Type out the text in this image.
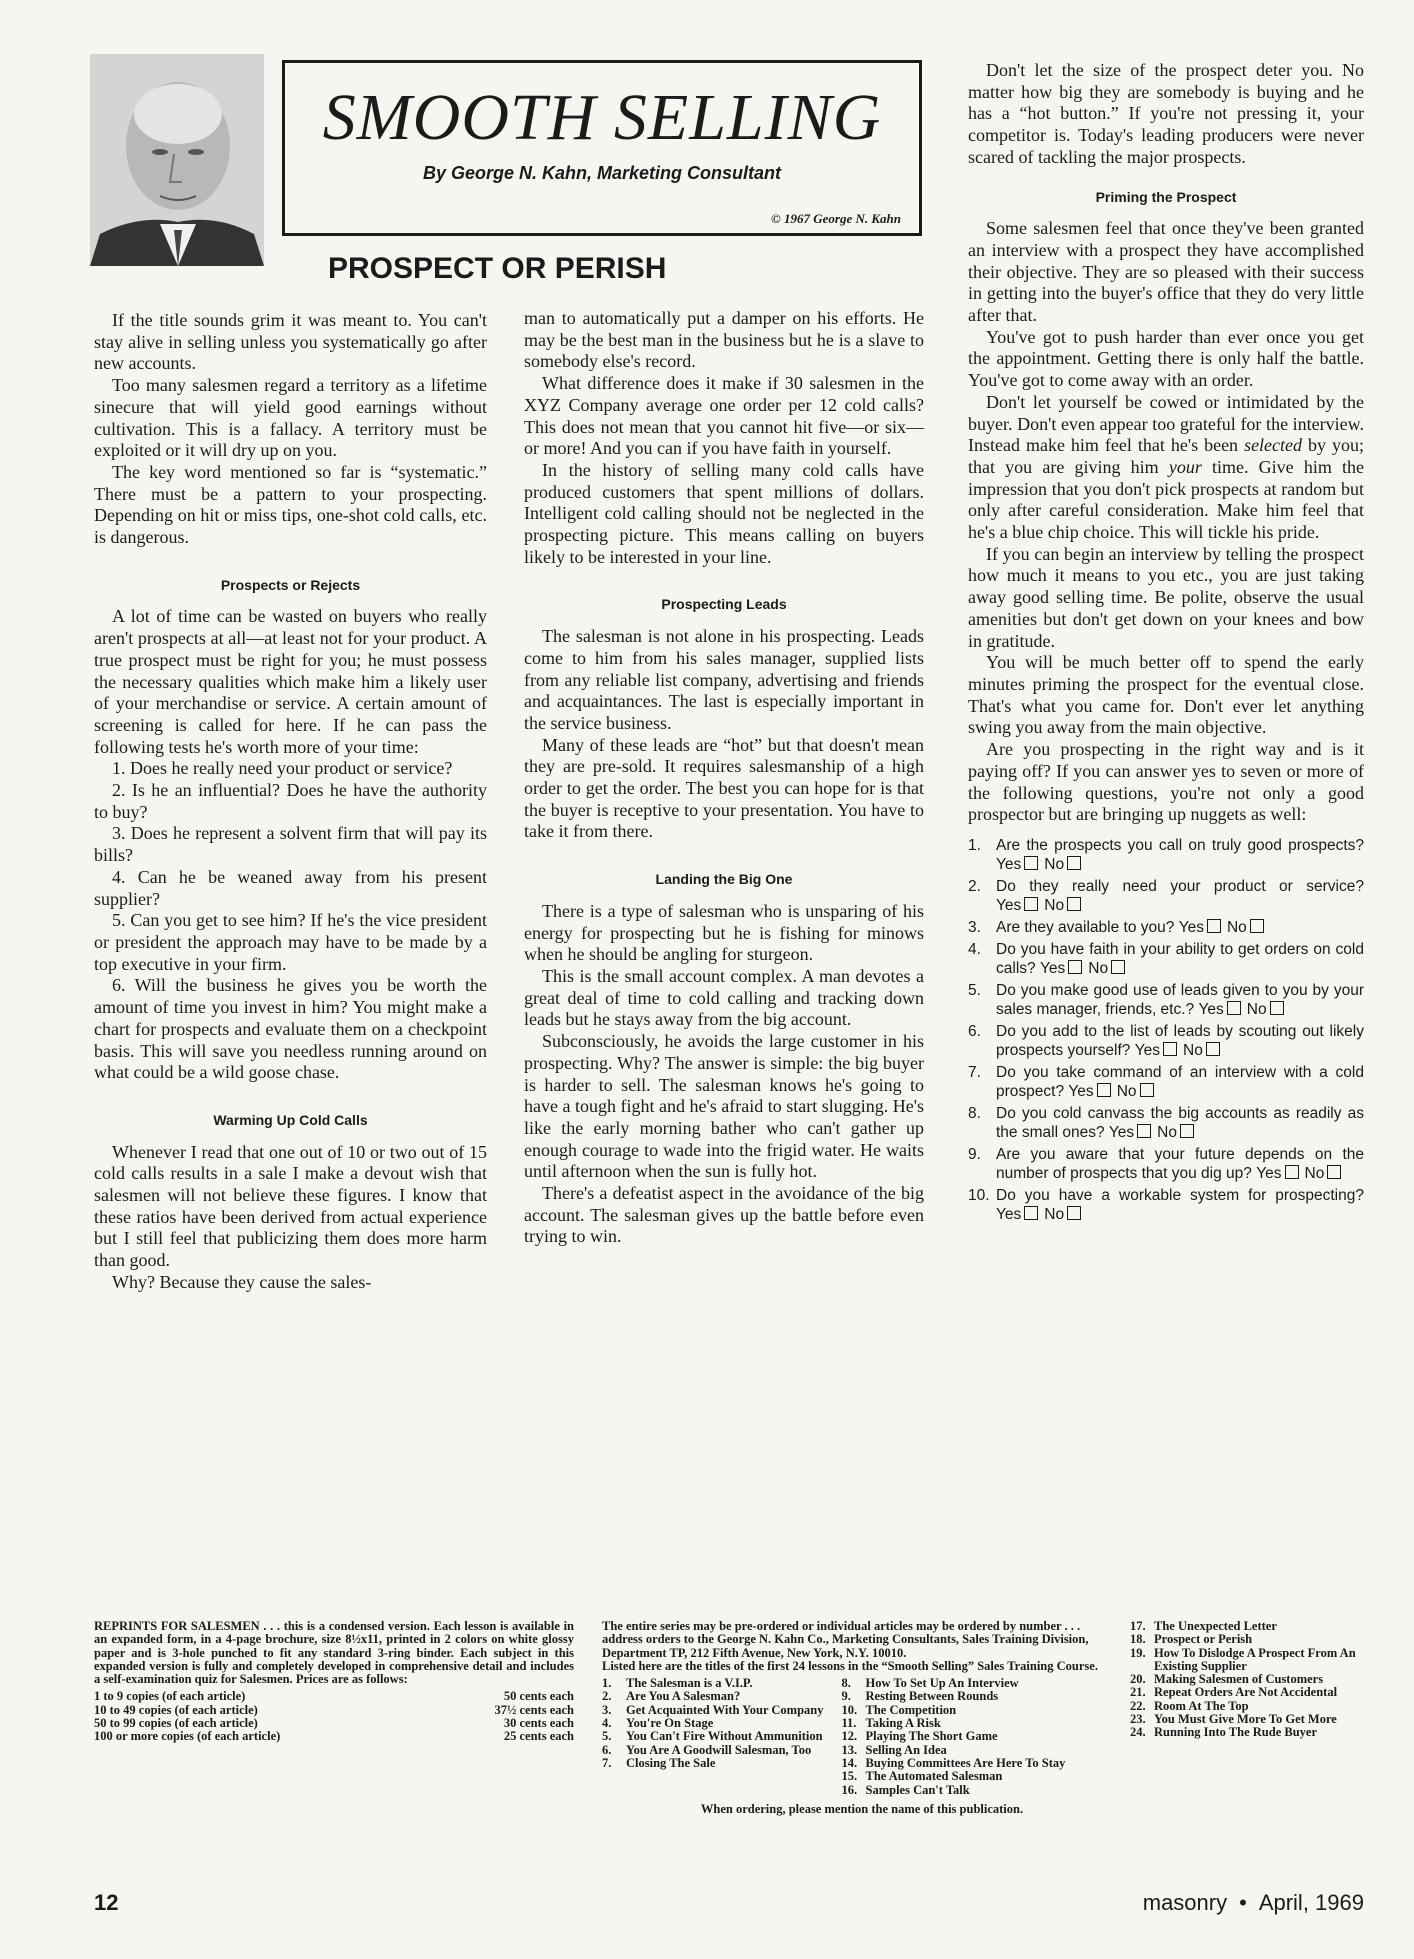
SMOOTH SELLING
By George N. Kahn, Marketing Consultant
© 1967 George N. Kahn
PROSPECT OR PERISH

If the title sounds grim it was meant to. You can't stay alive in selling unless you systematically go after new accounts.

Too many salesmen regard a territory as a lifetime sinecure that will yield good earnings without cultivation. This is a fallacy. A territory must be exploited or it will dry up on you.

The key word mentioned so far is “systematic.” There must be a pattern to your prospecting. Depending on hit or miss tips, one-shot cold calls, etc. is dangerous.

Prospects or Rejects

A lot of time can be wasted on buyers who really aren't prospects at all—at least not for your product. A true prospect must be right for you; he must possess the necessary qualities which make him a likely user of your merchandise or service. A certain amount of screening is called for here. If he can pass the following tests he's worth more of your time:

1. Does he really need your product or service?

2. Is he an influential? Does he have the authority to buy?

3. Does he represent a solvent firm that will pay its bills?

4. Can he be weaned away from his present supplier?

5. Can you get to see him? If he's the vice president or president the approach may have to be made by a top executive in your firm.

6. Will the business he gives you be worth the amount of time you invest in him? You might make a chart for prospects and evaluate them on a checkpoint basis. This will save you needless running around on what could be a wild goose chase.

Warming Up Cold Calls

Whenever I read that one out of 10 or two out of 15 cold calls results in a sale I make a devout wish that salesmen will not believe these figures. I know that these ratios have been derived from actual experience but I still feel that publicizing them does more harm than good.

Why? Because they cause the sales-

man to automatically put a damper on his efforts. He may be the best man in the business but he is a slave to somebody else's record.

What difference does it make if 30 salesmen in the XYZ Company average one order per 12 cold calls? This does not mean that you cannot hit five—or six—or more! And you can if you have faith in yourself.

In the history of selling many cold calls have produced customers that spent millions of dollars. Intelligent cold calling should not be neglected in the prospecting picture. This means calling on buyers likely to be interested in your line.

Prospecting Leads

The salesman is not alone in his prospecting. Leads come to him from his sales manager, supplied lists from any reliable list company, advertising and friends and acquaintances. The last is especially important in the service business.

Many of these leads are “hot” but that doesn't mean they are pre-sold. It requires salesmanship of a high order to get the order. The best you can hope for is that the buyer is receptive to your presentation. You have to take it from there.

Landing the Big One

There is a type of salesman who is unsparing of his energy for prospecting but he is fishing for minows when he should be angling for sturgeon.

This is the small account complex. A man devotes a great deal of time to cold calling and tracking down leads but he stays away from the big account.

Subconsciously, he avoids the large customer in his prospecting. Why? The answer is simple: the big buyer is harder to sell. The salesman knows he's going to have a tough fight and he's afraid to start slugging. He's like the early morning bather who can't gather up enough courage to wade into the frigid water. He waits until afternoon when the sun is fully hot.

There's a defeatist aspect in the avoidance of the big account. The salesman gives up the battle before even trying to win.

Don't let the size of the prospect deter you. No matter how big they are somebody is buying and he has a “hot button.” If you're not pressing it, your competitor is. Today's leading producers were never scared of tackling the major prospects.

Priming the Prospect

Some salesmen feel that once they've been granted an interview with a prospect they have accomplished their objective. They are so pleased with their success in getting into the buyer's office that they do very little after that.

You've got to push harder than ever once you get the appointment. Getting there is only half the battle. You've got to come away with an order.

Don't let yourself be cowed or intimidated by the buyer. Don't even appear too grateful for the interview. Instead make him feel that he's been selected by you; that you are giving him your time. Give him the impression that you don't pick prospects at random but only after careful consideration. Make him feel that he's a blue chip choice. This will tickle his pride.

If you can begin an interview by telling the prospect how much it means to you etc., you are just taking away good selling time. Be polite, observe the usual amenities but don't get down on your knees and bow in gratitude.

You will be much better off to spend the early minutes priming the prospect for the eventual close. That's what you came for. Don't ever let anything swing you away from the main objective.

Are you prospecting in the right way and is it paying off? If you can answer yes to seven or more of the following questions, you're not only a good prospector but are bringing up nuggets as well:

1. Are the prospects you call on truly good prospects? Yes No
2. Do they really need your product or service? Yes No
3. Are they available to you? Yes No
4. Do you have faith in your ability to get orders on cold calls? Yes No
5. Do you make good use of leads given to you by your sales manager, friends, etc.? Yes No
6. Do you add to the list of leads by scouting out likely prospects yourself? Yes No
7. Do you take command of an interview with a cold prospect? Yes No
8. Do you cold canvass the big accounts as readily as the small ones? Yes No
9. Are you aware that your future depends on the number of prospects that you dig up? Yes No
10. Do you have a workable system for prospecting? Yes No
REPRINTS FOR SALESMEN . . . this is a condensed version. Each lesson is available in an expanded form, in a 4-page brochure, size 8½x11, printed in 2 colors on white glossy paper and is 3-hole punched to fit any standard 3-ring binder. Each subject in this expanded version is fully and completely developed in comprehensive detail and includes a self-examination quiz for Salesmen. Prices are as follows:
1 to 9 copies (of each article)	50 cents each
10 to 49 copies (of each article)	37½ cents each
50 to 99 copies (of each article)	30 cents each
100 or more copies (of each article)	25 cents each
The entire series may be pre-ordered or individual articles may be ordered by number . . . address orders to the George N. Kahn Co., Marketing Consultants, Sales Training Division, Department TP, 212 Fifth Avenue, New York, N.Y. 10010.
Listed here are the titles of the first 24 lessons in the “Smooth Selling” Sales Training Course.
1.	The Salesman is a V.I.P.
2.	Are You A Salesman?
3.	Get Acquainted With Your Company
4.	You're On Stage
5.	You Can't Fire Without Ammunition
6.	You Are A Goodwill Salesman, Too
7.	Closing The Sale
8.	How To Set Up An Interview
9.	Resting Between Rounds
10. The Competition
11. Taking A Risk
12. Playing The Short Game
13. Selling An Idea
14. Buying Committees Are Here To Stay
15. The Automated Salesman
16. Samples Can't Talk
When ordering, please mention the name of this publication.
17. The Unexpected Letter
18. Prospect or Perish
19. How To Dislodge A Prospect From An Existing Supplier
20. Making Salesmen of Customers
21. Repeat Orders Are Not Accidental
22. Room At The Top
23. You Must Give More To Get More
24. Running Into The Rude Buyer
12	masonry • April, 1969
